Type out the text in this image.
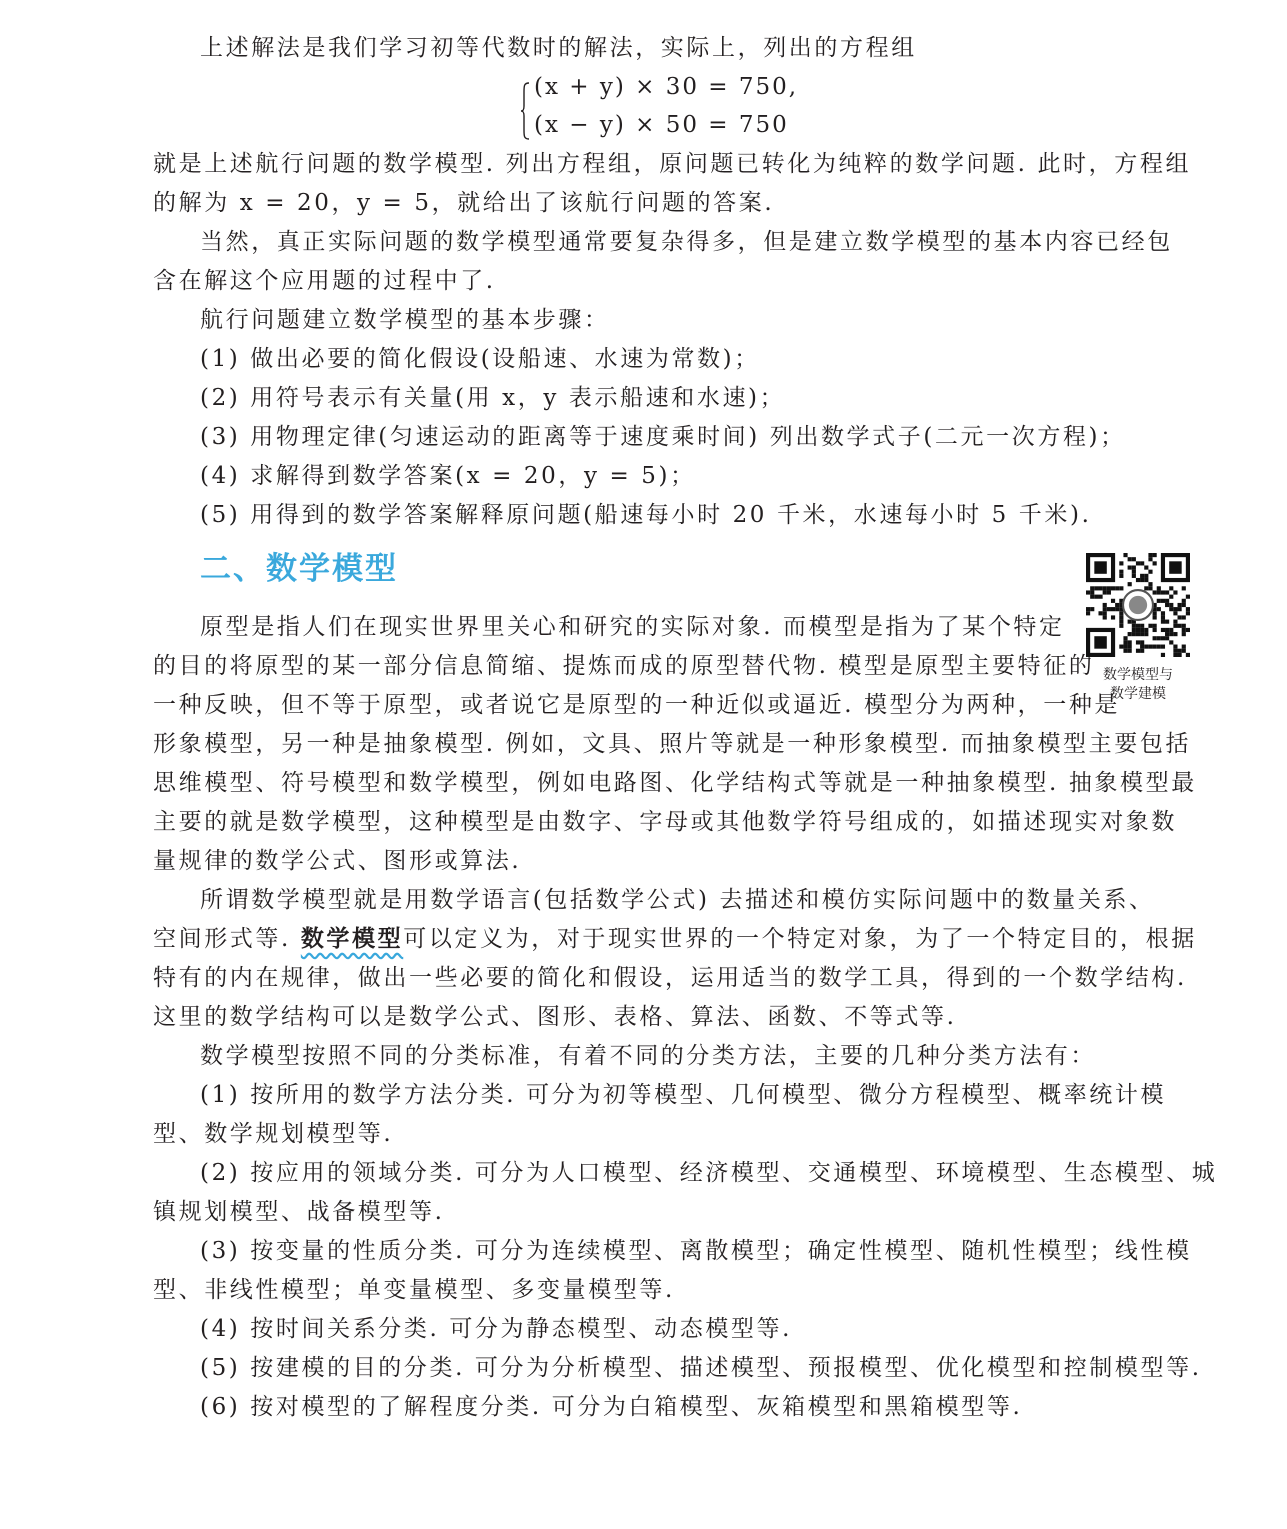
上述解法是我们学习初等代数时的解法，实际上，列出的方程组
(x + y) × 30 = 750,
(x − y) × 50 = 750
就是上述航行问题的数学模型. 列出方程组，原问题已转化为纯粹的数学问题. 此时，方程组
的解为 x = 20，y = 5，就给出了该航行问题的答案.
当然，真正实际问题的数学模型通常要复杂得多，但是建立数学模型的基本内容已经包
含在解这个应用题的过程中了.
航行问题建立数学模型的基本步骤：
(1) 做出必要的简化假设(设船速、水速为常数)；
(2) 用符号表示有关量(用 x，y 表示船速和水速)；
(3) 用物理定律(匀速运动的距离等于速度乘时间) 列出数学式子(二元一次方程)；
(4) 求解得到数学答案(x = 20，y = 5)；
(5) 用得到的数学答案解释原问题(船速每小时 20 千米，水速每小时 5 千米).
二、数学模型
数学模型与
数学建模
原型是指人们在现实世界里关心和研究的实际对象. 而模型是指为了某个特定
的目的将原型的某一部分信息简缩、提炼而成的原型替代物. 模型是原型主要特征的
一种反映，但不等于原型，或者说它是原型的一种近似或逼近. 模型分为两种，一种是
形象模型，另一种是抽象模型. 例如，文具、照片等就是一种形象模型. 而抽象模型主要包括
思维模型、符号模型和数学模型，例如电路图、化学结构式等就是一种抽象模型. 抽象模型最
主要的就是数学模型，这种模型是由数字、字母或其他数学符号组成的，如描述现实对象数
量规律的数学公式、图形或算法.
所谓数学模型就是用数学语言(包括数学公式) 去描述和模仿实际问题中的数量关系、
空间形式等. 数学模型可以定义为，对于现实世界的一个特定对象，为了一个特定目的，根据
特有的内在规律，做出一些必要的简化和假设，运用适当的数学工具，得到的一个数学结构.
这里的数学结构可以是数学公式、图形、表格、算法、函数、不等式等.
数学模型按照不同的分类标准，有着不同的分类方法，主要的几种分类方法有：
(1) 按所用的数学方法分类. 可分为初等模型、几何模型、微分方程模型、概率统计模
型、数学规划模型等.
(2) 按应用的领域分类. 可分为人口模型、经济模型、交通模型、环境模型、生态模型、城
镇规划模型、战备模型等.
(3) 按变量的性质分类. 可分为连续模型、离散模型；确定性模型、随机性模型；线性模
型、非线性模型；单变量模型、多变量模型等.
(4) 按时间关系分类. 可分为静态模型、动态模型等.
(5) 按建模的目的分类. 可分为分析模型、描述模型、预报模型、优化模型和控制模型等.
(6) 按对模型的了解程度分类. 可分为白箱模型、灰箱模型和黑箱模型等.
